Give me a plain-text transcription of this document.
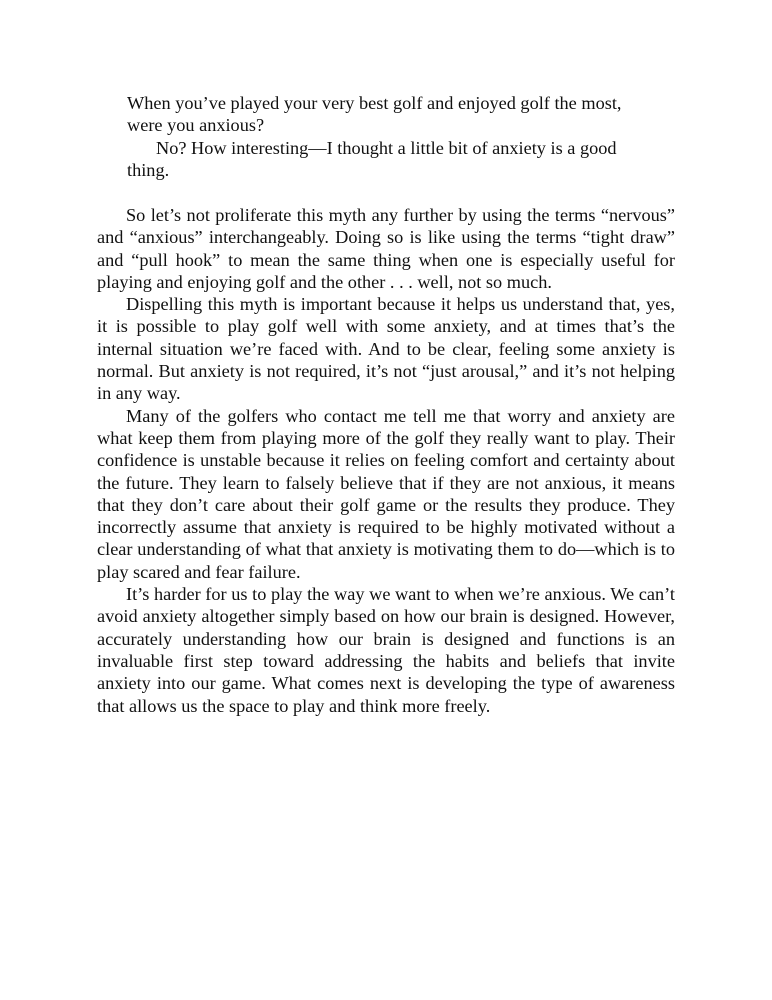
When you’ve played your very best golf and enjoyed golf the most, were you anxious?

No? How interesting—I thought a little bit of anxiety is a good thing.

So let’s not proliferate this myth any further by using the terms “nervous” and “anxious” interchangeably. Doing so is like using the terms “tight draw” and “pull hook” to mean the same thing when one is especially useful for playing and enjoying golf and the other . . . well, not so much.

Dispelling this myth is important because it helps us understand that, yes, it is possible to play golf well with some anxiety, and at times that’s the internal situation we’re faced with. And to be clear, feeling some anxiety is normal. But anxiety is not required, it’s not “just arousal,” and it’s not helping in any way.

Many of the golfers who contact me tell me that worry and anxiety are what keep them from playing more of the golf they really want to play. Their confidence is unstable because it relies on feeling comfort and certainty about the future. They learn to falsely believe that if they are not anxious, it means that they don’t care about their golf game or the results they produce. They incorrectly assume that anxiety is required to be highly motivated without a clear understanding of what that anxiety is motivating them to do—which is to play scared and fear failure.

It’s harder for us to play the way we want to when we’re anxious. We can’t avoid anxiety altogether simply based on how our brain is designed. However, accurately understanding how our brain is designed and functions is an invaluable first step toward addressing the habits and beliefs that invite anxiety into our game. What comes next is developing the type of awareness that allows us the space to play and think more freely.
